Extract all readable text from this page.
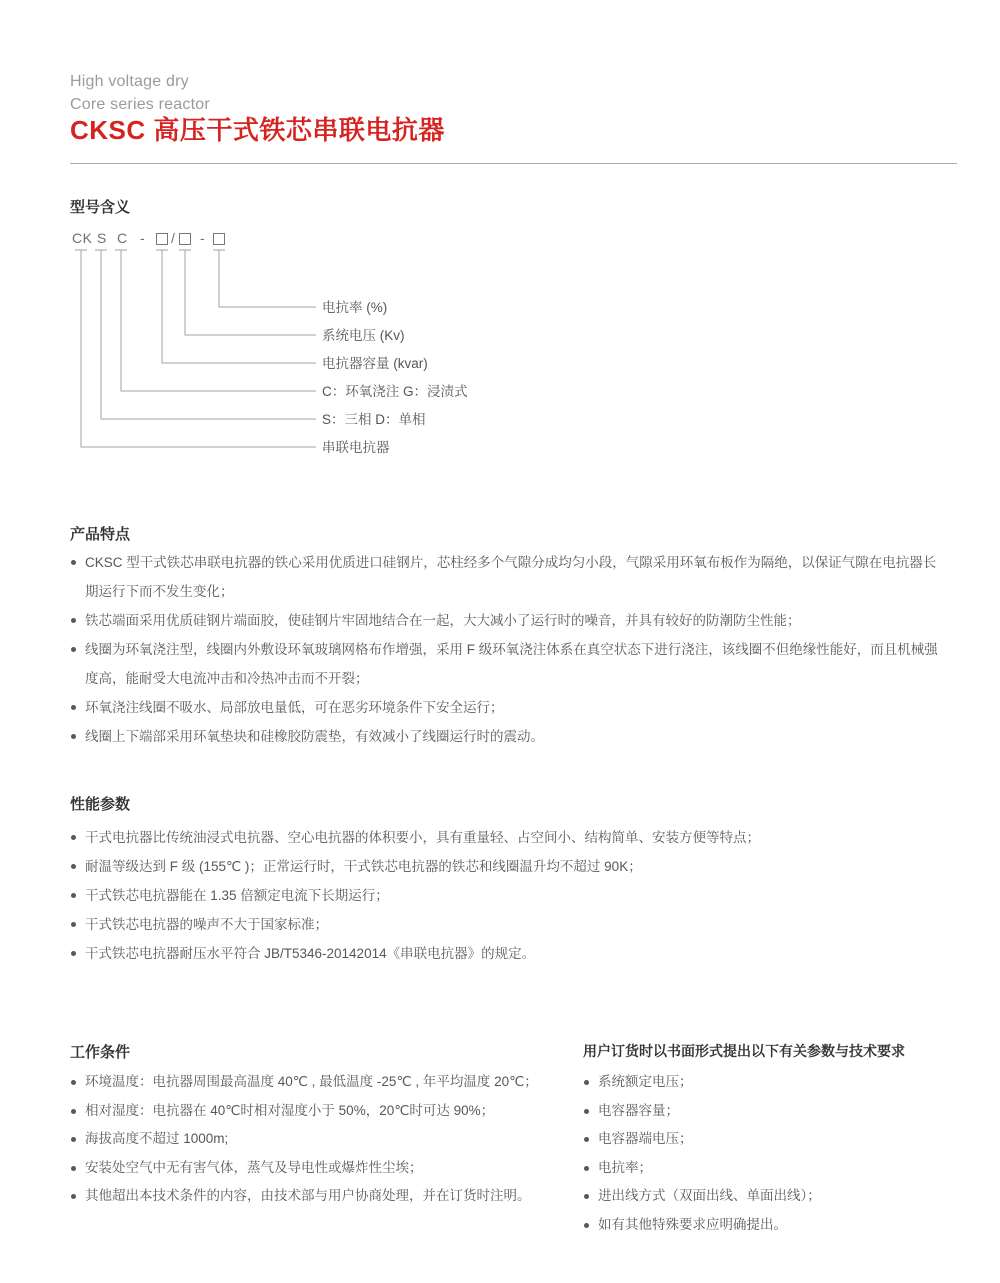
High voltage dry
Core series reactor
CKSC 高压干式铁芯串联电抗器
型号含义
CK S C - / -
电抗率 (%)
系统电压 (Kv)
电抗器容量 (kvar)
C：环氧浇注 G：浸渍式
S：三相 D：单相
串联电抗器
产品特点
CKSC 型干式铁芯串联电抗器的铁心采用优质进口硅钢片，芯柱经多个气隙分成均匀小段，气隙采用环氧布板作为隔绝，以保证气隙在电抗器长期运行下而不发生变化；
铁芯端面采用优质硅钢片端面胶，使硅钢片牢固地结合在一起，大大减小了运行时的噪音，并具有较好的防潮防尘性能；
线圈为环氧浇注型，线圈内外敷设环氧玻璃网格布作增强，采用 F 级环氧浇注体系在真空状态下进行浇注，该线圈不但绝缘性能好，而且机械强度高，能耐受大电流冲击和冷热冲击而不开裂；
环氧浇注线圈不吸水、局部放电量低，可在恶劣环境条件下安全运行；
线圈上下端部采用环氧垫块和硅橡胶防震垫，有效减小了线圈运行时的震动。
性能参数
干式电抗器比传统油浸式电抗器、空心电抗器的体积要小，具有重量轻、占空间小、结构简单、安装方便等特点；
耐温等级达到 F 级 (155℃ )；正常运行时，干式铁芯电抗器的铁芯和线圈温升均不超过 90K；
干式铁芯电抗器能在 1.35 倍额定电流下长期运行；
干式铁芯电抗器的噪声不大于国家标准；
干式铁芯电抗器耐压水平符合 JB/T5346-20142014《串联电抗器》的规定。
工作条件
环境温度：电抗器周围最高温度 40℃ , 最低温度 -25℃ , 年平均温度 20℃；
相对湿度：电抗器在 40℃时相对湿度小于 50%，20℃时可达 90%；
海拔高度不超过 1000m;
安装处空气中无有害气体，蒸气及导电性或爆炸性尘埃；
其他超出本技术条件的内容，由技术部与用户协商处理，并在订货时注明。
用户订货时以书面形式提出以下有关参数与技术要求
系统额定电压；
电容器容量；
电容器端电压；
电抗率；
进出线方式（双面出线、单面出线）；
如有其他特殊要求应明确提出。
